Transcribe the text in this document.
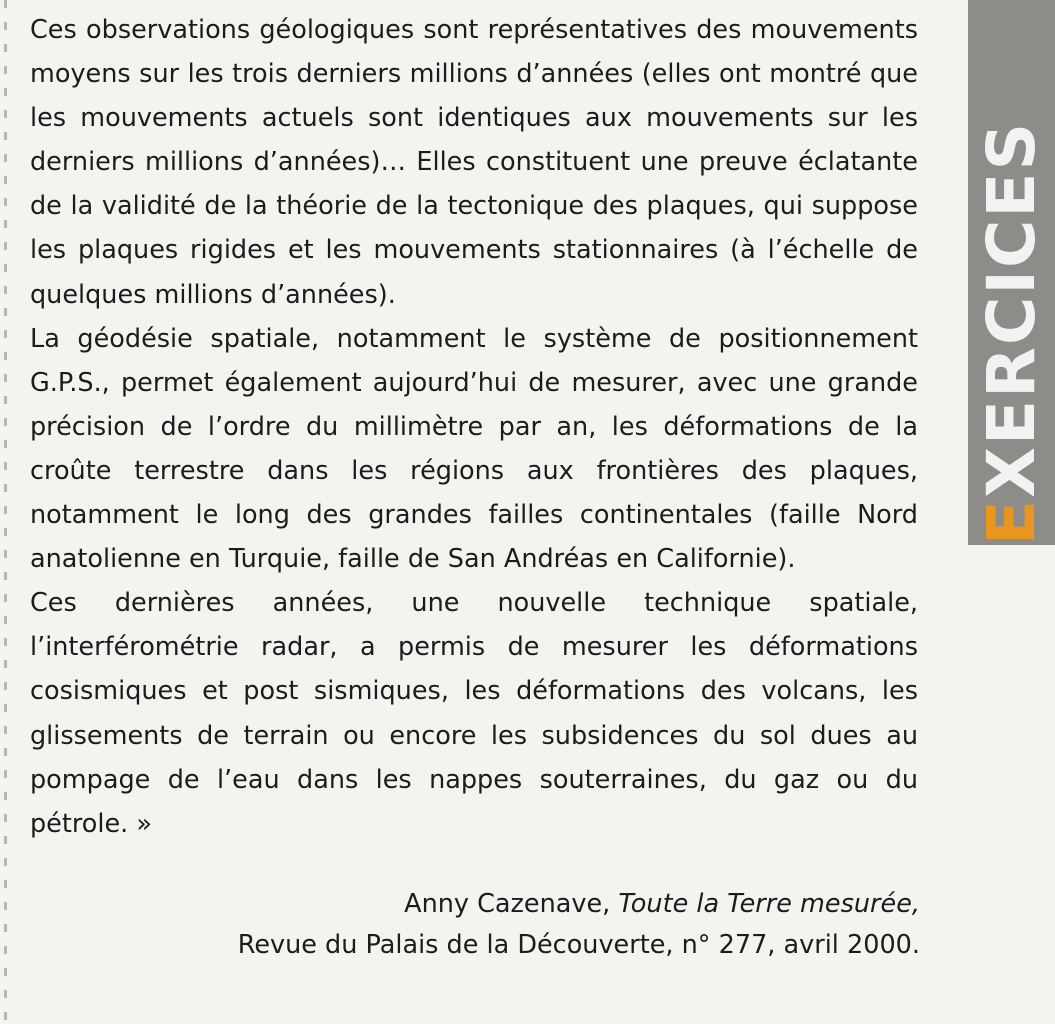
Ces observations géologiques sont représentatives des mouvements moyens sur les trois derniers millions d’années (elles ont montré que les mouvements actuels sont identiques aux mouvements sur les derniers millions d’années)… Elles constituent une preuve éclatante de la validité de la théorie de la tectonique des plaques, qui suppose les plaques rigides et les mouvements stationnaires (à l’échelle de quelques millions d’années).

La géodésie spatiale, notamment le système de positionnement G.P.S., permet également aujourd’hui de mesurer, avec une grande précision de l’ordre du millimètre par an, les déformations de la croûte terrestre dans les régions aux frontières des plaques, notamment le long des grandes failles continentales (faille Nord anatolienne en Turquie, faille de San Andréas en Californie).

Ces dernières années, une nouvelle technique spatiale, l’interférométrie radar, a permis de mesurer les déformations cosismiques et post sismiques, les déformations des volcans, les glissements de terrain ou encore les subsidences du sol dues au pompage de l’eau dans les nappes souterraines, du gaz ou du pétrole. »

Anny Cazenave, Toute la Terre mesurée,
Revue du Palais de la Découverte, n° 277, avril 2000.
EXERCICES
